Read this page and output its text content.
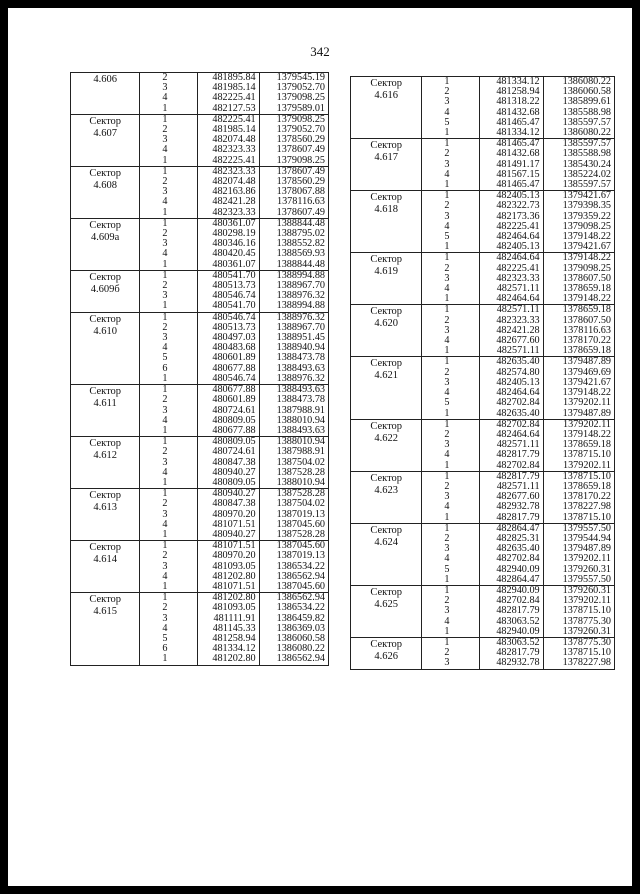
342
4.606	2	481895.84	1379545.19
	3	481985.14	1379052.70
	4	482225.41	1379098.25
	1	482127.53	1379589.01

Сектор
4.607	1	482225.41	1379098.25
	2	481985.14	1379052.70
	3	482074.48	1378560.29
	4	482323.33	1378607.49
	1	482225.41	1379098.25

Сектор
4.608	1	482323.33	1378607.49
	2	482074.48	1378560.29
	3	482163.86	1378067.88
	4	482421.28	1378116.63
	1	482323.33	1378607.49

Сектор
4.609а	1	480361.07	1388844.48
	2	480298.19	1388795.02
	3	480346.16	1388552.82
	4	480420.45	1388569.93
	1	480361.07	1388844.48

Сектор
4.609б	1	480541.70	1388994.88
	2	480513.73	1388967.70
	3	480546.74	1388976.32
	1	480541.70	1388994.88

Сектор
4.610	1	480546.74	1388976.32
	2	480513.73	1388967.70
	3	480497.03	1388951.45
	4	480483.68	1388940.94
	5	480601.89	1388473.78
	6	480677.88	1388493.63
	1	480546.74	1388976.32

Сектор
4.611	1	480677.88	1388493.63
	2	480601.89	1388473.78
	3	480724.61	1387988.91
	4	480809.05	1388010.94
	1	480677.88	1388493.63

Сектор
4.612	1	480809.05	1388010.94
	2	480724.61	1387988.91
	3	480847.38	1387504.02
	4	480940.27	1387528.28
	1	480809.05	1388010.94

Сектор
4.613	1	480940.27	1387528.28
	2	480847.38	1387504.02
	3	480970.20	1387019.13
	4	481071.51	1387045.60
	1	480940.27	1387528.28

Сектор
4.614	1	481071.51	1387045.60
	2	480970.20	1387019.13
	3	481093.05	1386534.22
	4	481202.80	1386562.94
	1	481071.51	1387045.60

Сектор
4.615	1	481202.80	1386562.94
	2	481093.05	1386534.22
	3	481111.91	1386459.82
	4	481145.33	1386369.03
	5	481258.94	1386060.58
	6	481334.12	1386080.22
	1	481202.80	1386562.94
Сектор
4.616	1	481334.12	1386080.22
	2	481258.94	1386060.58
	3	481318.22	1385899.61
	4	481432.68	1385588.98
	5	481465.47	1385597.57
	1	481334.12	1386080.22

Сектор
4.617	1	481465.47	1385597.57
	2	481432.68	1385588.98
	3	481491.17	1385430.24
	4	481567.15	1385224.02
	1	481465.47	1385597.57

Сектор
4.618	1	482405.13	1379421.67
	2	482322.73	1379398.35
	3	482173.36	1379359.22
	4	482225.41	1379098.25
	5	482464.64	1379148.22
	1	482405.13	1379421.67

Сектор
4.619	1	482464.64	1379148.22
	2	482225.41	1379098.25
	3	482323.33	1378607.50
	4	482571.11	1378659.18
	1	482464.64	1379148.22

Сектор
4.620	1	482571.11	1378659.18
	2	482323.33	1378607.50
	3	482421.28	1378116.63
	4	482677.60	1378170.22
	1	482571.11	1378659.18

Сектор
4.621	1	482635.40	1379487.89
	2	482574.80	1379469.69
	3	482405.13	1379421.67
	4	482464.64	1379148.22
	5	482702.84	1379202.11
	1	482635.40	1379487.89

Сектор
4.622	1	482702.84	1379202.11
	2	482464.64	1379148.22
	3	482571.11	1378659.18
	4	482817.79	1378715.10
	1	482702.84	1379202.11

Сектор
4.623	1	482817.79	1378715.10
	2	482571.11	1378659.18
	3	482677.60	1378170.22
	4	482932.78	1378227.98
	1	482817.79	1378715.10

Сектор
4.624	1	482864.47	1379557.50
	2	482825.31	1379544.94
	3	482635.40	1379487.89
	4	482702.84	1379202.11
	5	482940.09	1379260.31
	1	482864.47	1379557.50

Сектор
4.625	1	482940.09	1379260.31
	2	482702.84	1379202.11
	3	482817.79	1378715.10
	4	483063.52	1378775.30
	1	482940.09	1379260.31

Сектор
4.626	1	483063.52	1378775.30
	2	482817.79	1378715.10
	3	482932.78	1378227.98
